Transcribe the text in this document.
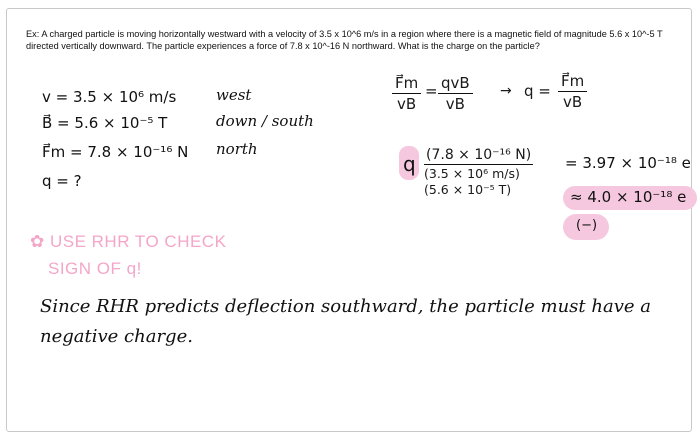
Ex: A charged particle is moving horizontally westward with a velocity of 3.5 x 10^6 m/s in a region where there is a magnetic field of magnitude 5.6 x 10^-5 T directed vertically downward. The particle experiences a force of 7.8 x 10^-16 N northward. What is the charge on the particle?
v = 3.5 × 10⁶ m/s
B⃗ = 5.6 × 10⁻⁵ T
F⃗m = 7.8 × 10⁻¹⁶ N
q = ?
west
down / south
north
$\frac{F⃗m}{vB}$ = qvB
vB
→ $q = \frac{F⃗m}{vB}$
q (7.8 × 10⁻¹⁶ N)
(3.5 × 10⁶ m/s)
(5.6 × 10⁻⁵ T)
= 3.97 × 10⁻¹⁸ e
≈ 4.0 × 10⁻¹⁸ e
(−)
✿ USE RHR TO CHECK
SIGN OF q!
Since RHR predicts deflection southward, the particle must have a negative charge.
